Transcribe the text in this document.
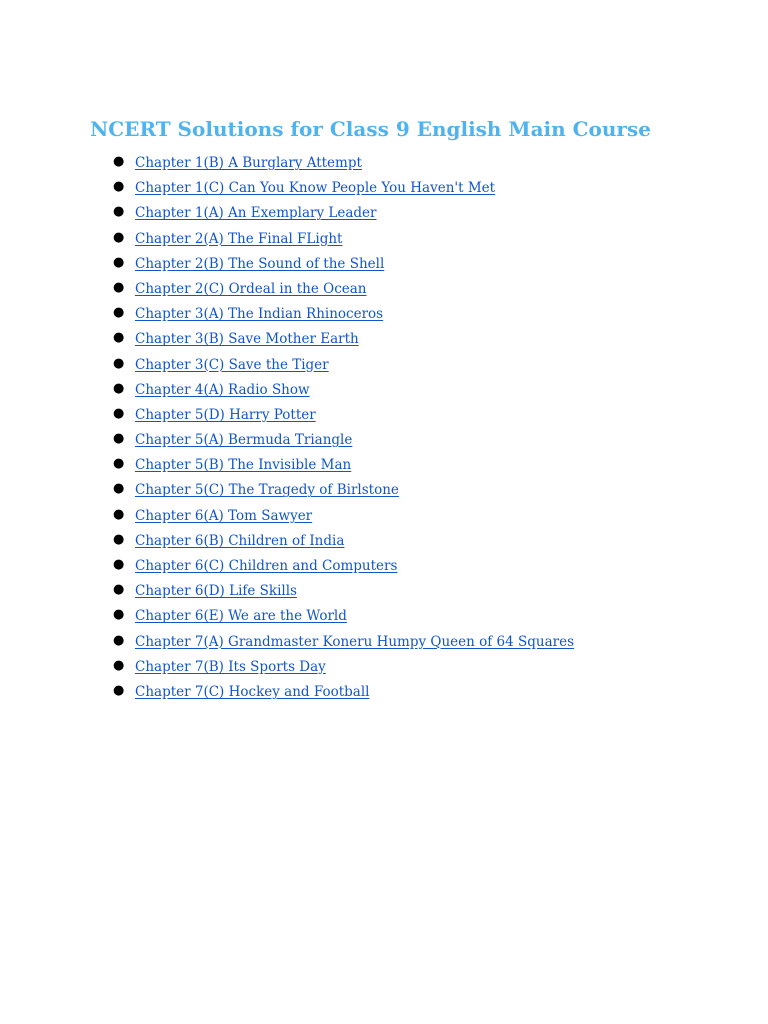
NCERT Solutions for Class 9 English Main Course
● Chapter 1(B) A Burglary Attempt
● Chapter 1(C) Can You Know People You Haven't Met
● Chapter 1(A) An Exemplary Leader
● Chapter 2(A) The Final FLight
● Chapter 2(B) The Sound of the Shell
● Chapter 2(C) Ordeal in the Ocean
● Chapter 3(A) The Indian Rhinoceros
● Chapter 3(B) Save Mother Earth
● Chapter 3(C) Save the Tiger
● Chapter 4(A) Radio Show
● Chapter 5(D) Harry Potter
● Chapter 5(A) Bermuda Triangle
● Chapter 5(B) The Invisible Man
● Chapter 5(C) The Tragedy of Birlstone
● Chapter 6(A) Tom Sawyer
● Chapter 6(B) Children of India
● Chapter 6(C) Children and Computers
● Chapter 6(D) Life Skills
● Chapter 6(E) We are the World
● Chapter 7(A) Grandmaster Koneru Humpy Queen of 64 Squares
● Chapter 7(B) Its Sports Day
● Chapter 7(C) Hockey and Football
